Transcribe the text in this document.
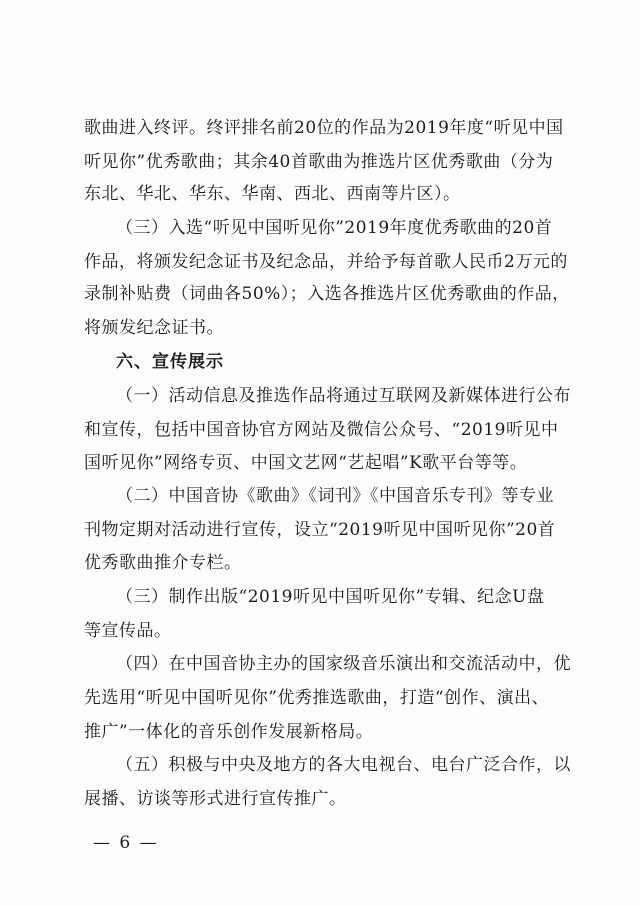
歌曲进入终评。终评排名前20位的作品为2019年度“听见中国
听见你”优秀歌曲；其余40首歌曲为推选片区优秀歌曲（分为
东北、华北、华东、华南、西北、西南等片区）。
（三）入选“听见中国听见你”2019年度优秀歌曲的20首
作品，将颁发纪念证书及纪念品，并给予每首歌人民币2万元的
录制补贴费（词曲各50%）；入选各推选片区优秀歌曲的作品，
将颁发纪念证书。
六、宣传展示
（一）活动信息及推选作品将通过互联网及新媒体进行公布
和宣传，包括中国音协官方网站及微信公众号、“2019听见中
国听见你”网络专页、中国文艺网“艺起唱”K歌平台等等。
（二）中国音协《歌曲》《词刊》《中国音乐专刊》等专业
刊物定期对活动进行宣传，设立“2019听见中国听见你”20首
优秀歌曲推介专栏。
（三）制作出版“2019听见中国听见你”专辑、纪念U盘
等宣传品。
（四）在中国音协主办的国家级音乐演出和交流活动中，优
先选用“听见中国听见你”优秀推选歌曲，打造“创作、演出、
推广”一体化的音乐创作发展新格局。
（五）积极与中央及地方的各大电视台、电台广泛合作，以
展播、访谈等形式进行宣传推广。
— 6 —
